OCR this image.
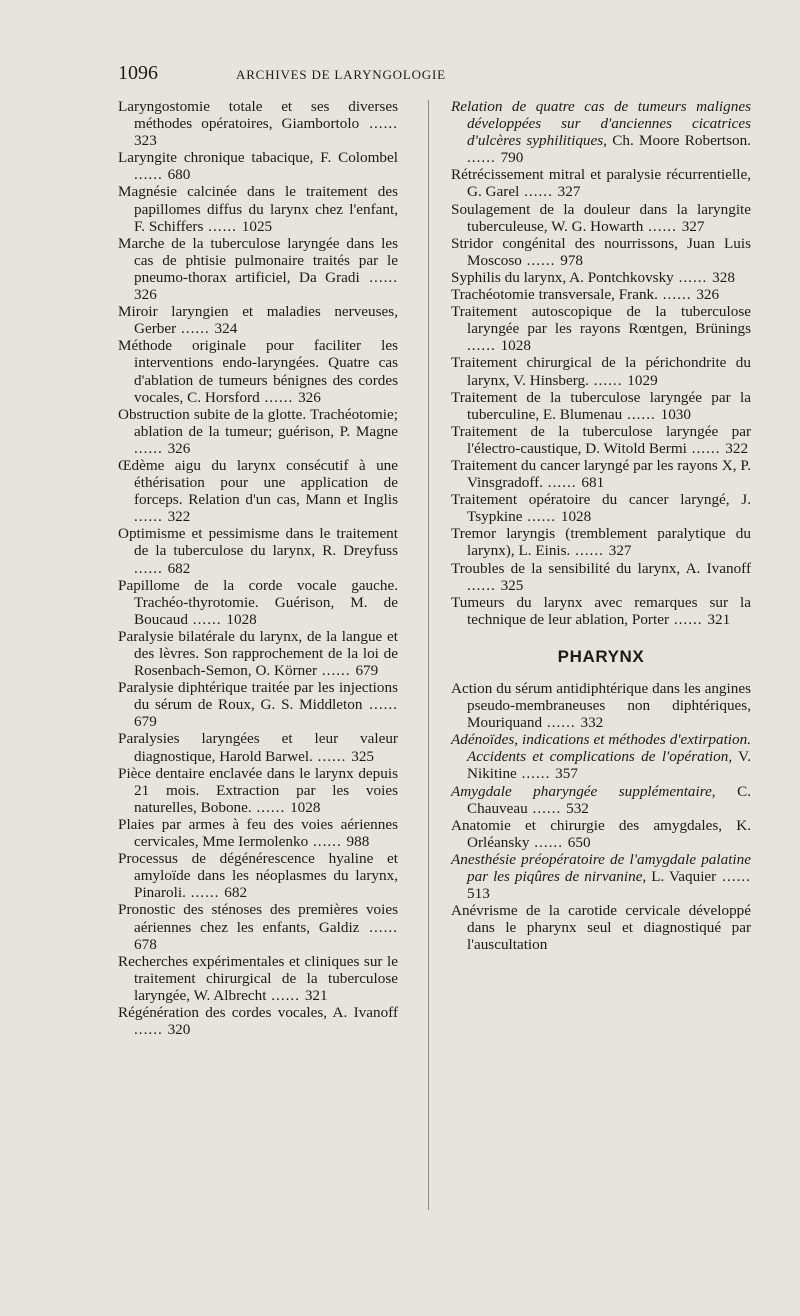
1096	ARCHIVES DE LARYNGOLOGIE
Laryngostomie totale et ses diverses méthodes opératoires, Giambortolo ...... 323
Laryngite chronique tabacique, F. Colombel ...... 680
Magnésie calcinée dans le traitement des papillomes diffus du larynx chez l'enfant, F. Schiffers ...... 1025
Marche de la tuberculose laryngée dans les cas de phtisie pulmonaire traités par le pneumo-thorax artificiel, Da Gradi ...... 326
Miroir laryngien et maladies nerveuses, Gerber ...... 324
Méthode originale pour faciliter les interventions endo-laryngées. Quatre cas d'ablation de tumeurs bénignes des cordes vocales, C. Horsford ...... 326
Obstruction subite de la glotte. Trachéotomie; ablation de la tumeur; guérison, P. Magne ...... 326
Œdème aigu du larynx consécutif à une éthérisation pour une application de forceps. Relation d'un cas, Mann et Inglis ...... 322
Optimisme et pessimisme dans le traitement de la tuberculose du larynx, R. Dreyfuss ...... 682
Papillome de la corde vocale gauche. Trachéo-thyrotomie. Guérison, M. de Boucaud ...... 1028
Paralysie bilatérale du larynx, de la langue et des lèvres. Son rapprochement de la loi de Rosenbach-Semon, O. Körner ...... 679
Paralysie diphtérique traitée par les injections du sérum de Roux, G. S. Middleton ...... 679
Paralysies laryngées et leur valeur diagnostique, Harold Barwel. ...... 325
Pièce dentaire enclavée dans le larynx depuis 21 mois. Extraction par les voies naturelles, Bobone. ...... 1028
Plaies par armes à feu des voies aériennes cervicales, Mme Iermolenko ...... 988
Processus de dégénérescence hyaline et amyloïde dans les néoplasmes du larynx, Pinaroli. ...... 682
Pronostic des sténoses des premières voies aériennes chez les enfants, Galdiz ...... 678
Recherches expérimentales et cliniques sur le traitement chirurgical de la tuberculose laryngée, W. Albrecht ...... 321
Régénération des cordes vocales, A. Ivanoff ...... 320
Relation de quatre cas de tumeurs malignes développées sur d'anciennes cicatrices d'ulcères syphilitiques, Ch. Moore Robertson. ...... 790
Rétrécissement mitral et paralysie récurrentielle, G. Garel ...... 327
Soulagement de la douleur dans la laryngite tuberculeuse, W. G. Howarth ...... 327
Stridor congénital des nourrissons, Juan Luis Moscoso ...... 978
Syphilis du larynx, A. Pontchkovsky ...... 328
Trachéotomie transversale, Frank. ...... 326
Traitement autoscopique de la tuberculose laryngée par les rayons Rœntgen, Brünings ...... 1028
Traitement chirurgical de la périchondrite du larynx, V. Hinsberg. ...... 1029
Traitement de la tuberculose laryngée par la tuberculine, E. Blumenau ...... 1030
Traitement de la tuberculose laryngée par l'électro-caustique, D. Witold Bermi ...... 322
Traitement du cancer laryngé par les rayons X, P. Vinsgradoff. ...... 681
Traitement opératoire du cancer laryngé, J. Tsypkine ...... 1028
Tremor laryngis (tremblement paralytique du larynx), L. Einis. ...... 327
Troubles de la sensibilité du larynx, A. Ivanoff ...... 325
Tumeurs du larynx avec remarques sur la technique de leur ablation, Porter ...... 321
PHARYNX
Action du sérum antidiphtérique dans les angines pseudo-membraneuses non diphtériques, Mouriquand ...... 332
Adénoïdes, indications et méthodes d'extirpation. Accidents et complications de l'opération, V. Nikitine ...... 357
Amygdale pharyngée supplémentaire, C. Chauveau ...... 532
Anatomie et chirurgie des amygdales, K. Orléansky ...... 650
Anesthésie préopératoire de l'amygdale palatine par les piqûres de nirvanine, L. Vaquier ...... 513
Anévrisme de la carotide cervicale développé dans le pharynx seul et diagnostiqué par l'auscultation
